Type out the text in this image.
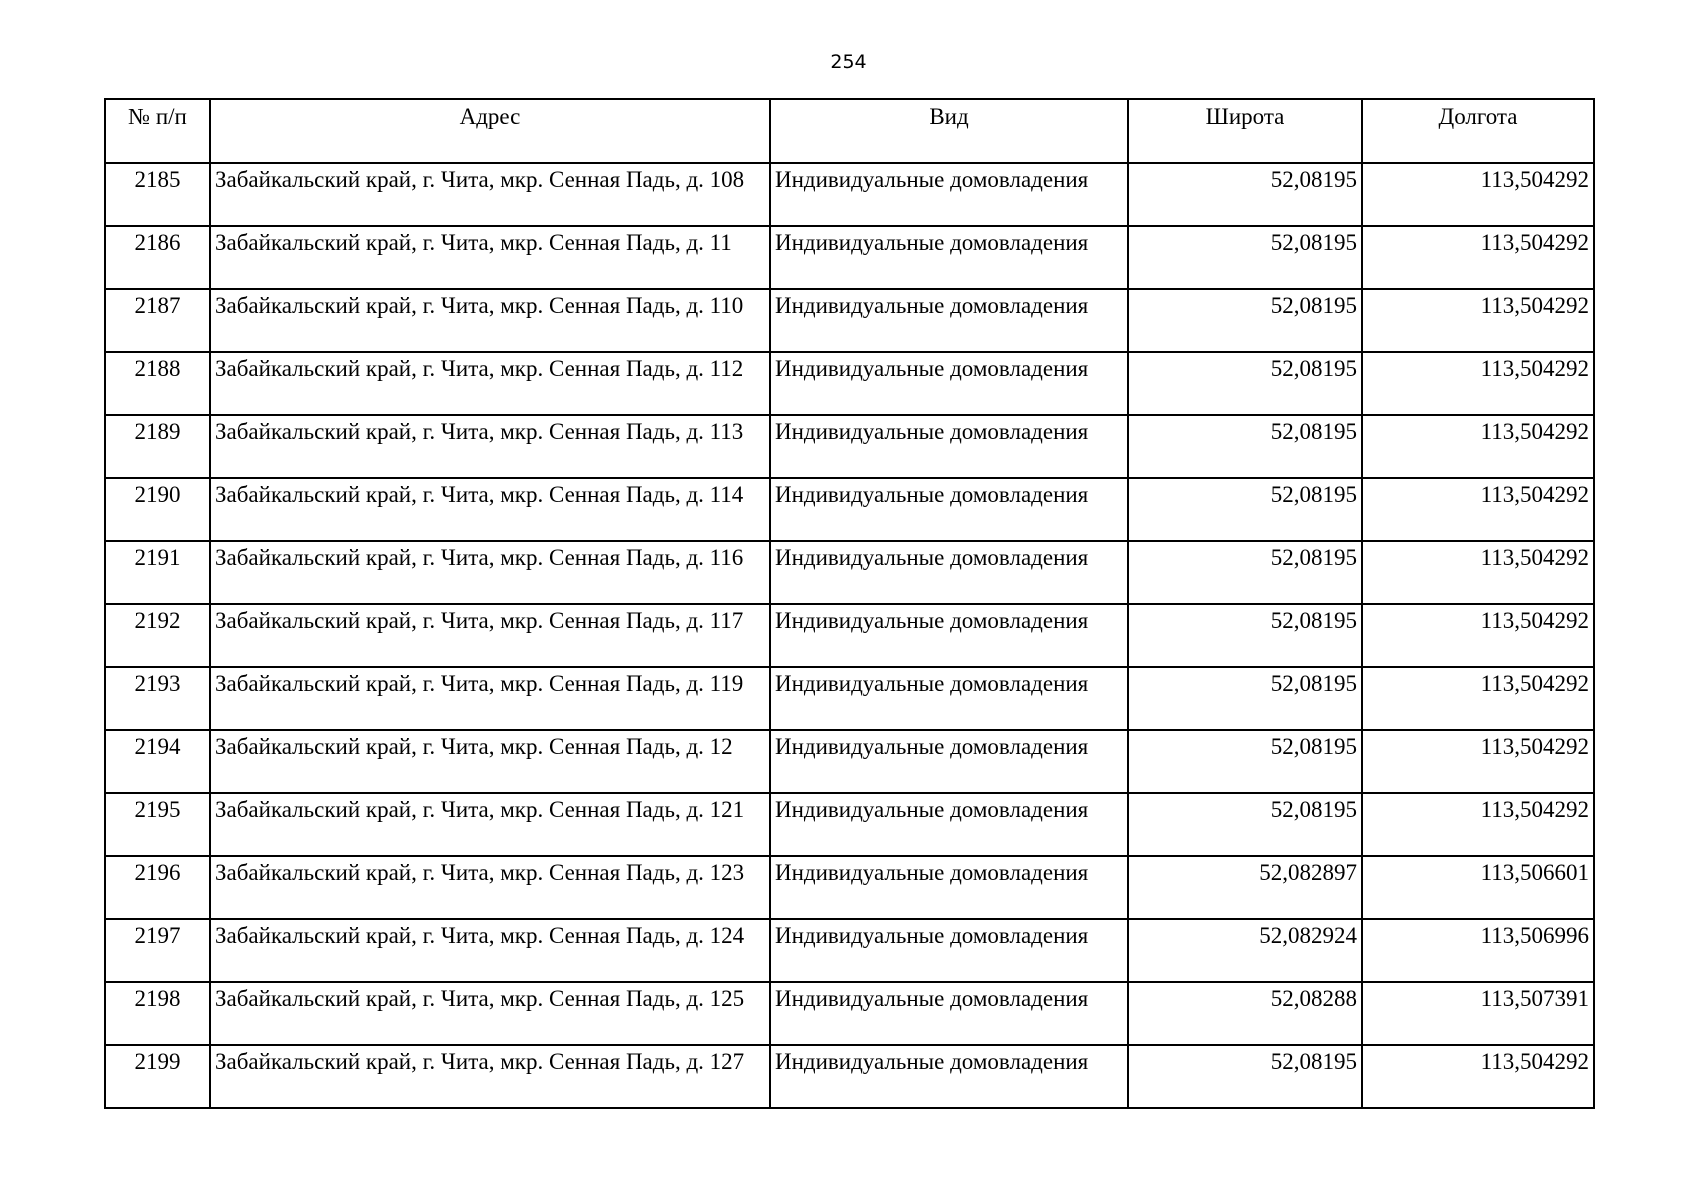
254
№ п/п	Адрес	Вид	Широта	Долгота
2185	Забайкальский край, г. Чита, мкр. Сенная Падь, д. 108	Индивидуальные домовладения	52,08195	113,504292
2186	Забайкальский край, г. Чита, мкр. Сенная Падь, д. 11	Индивидуальные домовладения	52,08195	113,504292
2187	Забайкальский край, г. Чита, мкр. Сенная Падь, д. 110	Индивидуальные домовладения	52,08195	113,504292
2188	Забайкальский край, г. Чита, мкр. Сенная Падь, д. 112	Индивидуальные домовладения	52,08195	113,504292
2189	Забайкальский край, г. Чита, мкр. Сенная Падь, д. 113	Индивидуальные домовладения	52,08195	113,504292
2190	Забайкальский край, г. Чита, мкр. Сенная Падь, д. 114	Индивидуальные домовладения	52,08195	113,504292
2191	Забайкальский край, г. Чита, мкр. Сенная Падь, д. 116	Индивидуальные домовладения	52,08195	113,504292
2192	Забайкальский край, г. Чита, мкр. Сенная Падь, д. 117	Индивидуальные домовладения	52,08195	113,504292
2193	Забайкальский край, г. Чита, мкр. Сенная Падь, д. 119	Индивидуальные домовладения	52,08195	113,504292
2194	Забайкальский край, г. Чита, мкр. Сенная Падь, д. 12	Индивидуальные домовладения	52,08195	113,504292
2195	Забайкальский край, г. Чита, мкр. Сенная Падь, д. 121	Индивидуальные домовладения	52,08195	113,504292
2196	Забайкальский край, г. Чита, мкр. Сенная Падь, д. 123	Индивидуальные домовладения	52,082897	113,506601
2197	Забайкальский край, г. Чита, мкр. Сенная Падь, д. 124	Индивидуальные домовладения	52,082924	113,506996
2198	Забайкальский край, г. Чита, мкр. Сенная Падь, д. 125	Индивидуальные домовладения	52,08288	113,507391
2199	Забайкальский край, г. Чита, мкр. Сенная Падь, д. 127	Индивидуальные домовладения	52,08195	113,504292
